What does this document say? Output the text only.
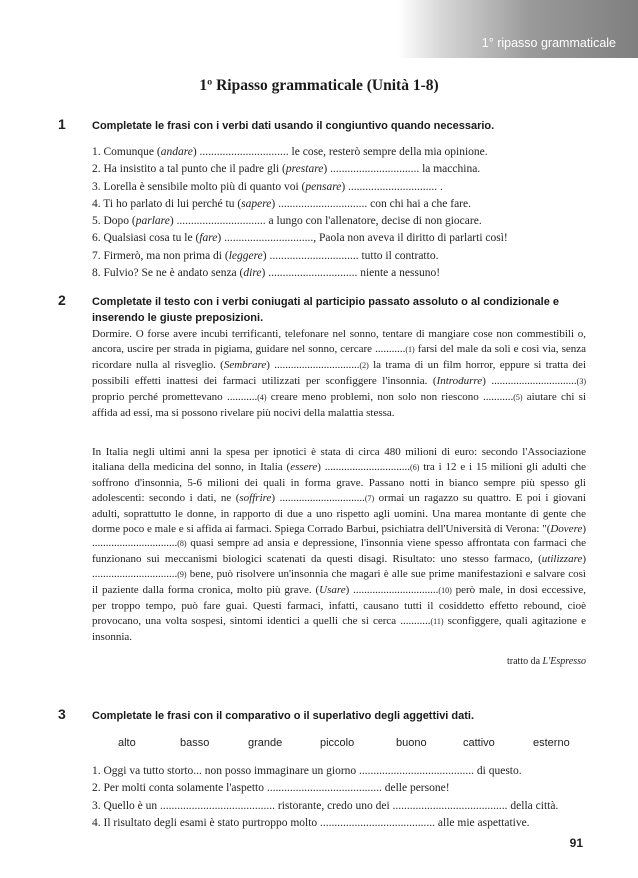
1° ripasso grammaticale
1º Ripasso grammaticale (Unità 1-8)
1 Completate le frasi con i verbi dati usando il congiuntivo quando necessario.
1. Comunque (andare) ............................... le cose, resterò sempre della mia opinione.
2. Ha insistito a tal punto che il padre gli (prestare) ............................... la macchina.
3. Lorella è sensibile molto più di quanto voi (pensare) ............................... .
4. Ti ho parlato di lui perché tu (sapere) ............................... con chi hai a che fare.
5. Dopo (parlare) ............................... a lungo con l'allenatore, decise di non giocare.
6. Qualsiasi cosa tu le (fare) ..............................., Paola non aveva il diritto di parlarti così!
7. Firmerò, ma non prima di (leggere) ............................... tutto il contratto.
8. Fulvio? Se ne è andato senza (dire) ............................... niente a nessuno!
2 Completate il testo con i verbi coniugati al participio passato assoluto o al condizionale e inserendo le giuste preposizioni.

Dormire. O forse avere incubi terrificanti, telefonare nel sonno, tentare di mangiare cose non commestibili o, ancora, uscire per strada in pigiama, guidare nel sonno, cercare ...........(1) farsi del male da soli e così via, senza ricordare nulla al risveglio. (Sembrare) ...............................(2) la trama di un film horror, eppure si tratta dei possibili effetti inattesi dei farmaci utilizzati per sconfiggere l'insonnia. (Introdurre) ...............................(3) proprio perché promettevano ...........(4) creare meno problemi, non solo non riescono ...........(5) aiutare chi si affida ad essi, ma si possono rivelare più nocivi della malattia stessa.

In Italia negli ultimi anni la spesa per ipnotici è stata di circa 480 milioni di euro: secondo l'Associazione italiana della medicina del sonno, in Italia (essere) ...............................(6) tra i 12 e i 15 milioni gli adulti che soffrono d'insonnia, 5-6 milioni dei quali in forma grave. Passano notti in bianco sempre più spesso gli adolescenti: secondo i dati, ne (soffrire) ...............................(7) ormai un ragazzo su quattro. E poi i giovani adulti, soprattutto le donne, in rapporto di due a uno rispetto agli uomini. Una marea montante di gente che dorme poco e male e si affida ai farmaci. Spiega Corrado Barbui, psichiatra dell'Università di Verona: "(Dovere) ...............................(8) quasi sempre ad ansia e depressione, l'insonnia viene spesso affrontata con farmaci che funzionano sui meccanismi biologici scatenati da questi disagi. Risultato: uno stesso farmaco, (utilizzare) ...............................(9) bene, può risolvere un'insonnia che magari è alle sue prime manifestazioni e salvare così il paziente dalla forma cronica, molto più grave. (Usare) ...............................(10) però male, in dosi eccessive, per troppo tempo, può fare guai. Questi farmaci, infatti, causano tutti il cosiddetto effetto rebound, cioè provocano, una volta sospesi, sintomi identici a quelli che si cerca ...........(11) sconfiggere, quali agitazione e insonnia.

tratto da L'Espresso
3 Completate le frasi con il comparativo o il superlativo degli aggettivi dati.
alto	basso	grande	piccolo	buono	cattivo	esterno
1. Oggi va tutto storto... non posso immaginare un giorno ........................................ di questo.
2. Per molti conta solamente l'aspetto ........................................ delle persone!
3. Quello è un ........................................ ristorante, credo uno dei ........................................ della città.
4. Il risultato degli esami è stato purtroppo molto ........................................ alle mie aspettative.
91
